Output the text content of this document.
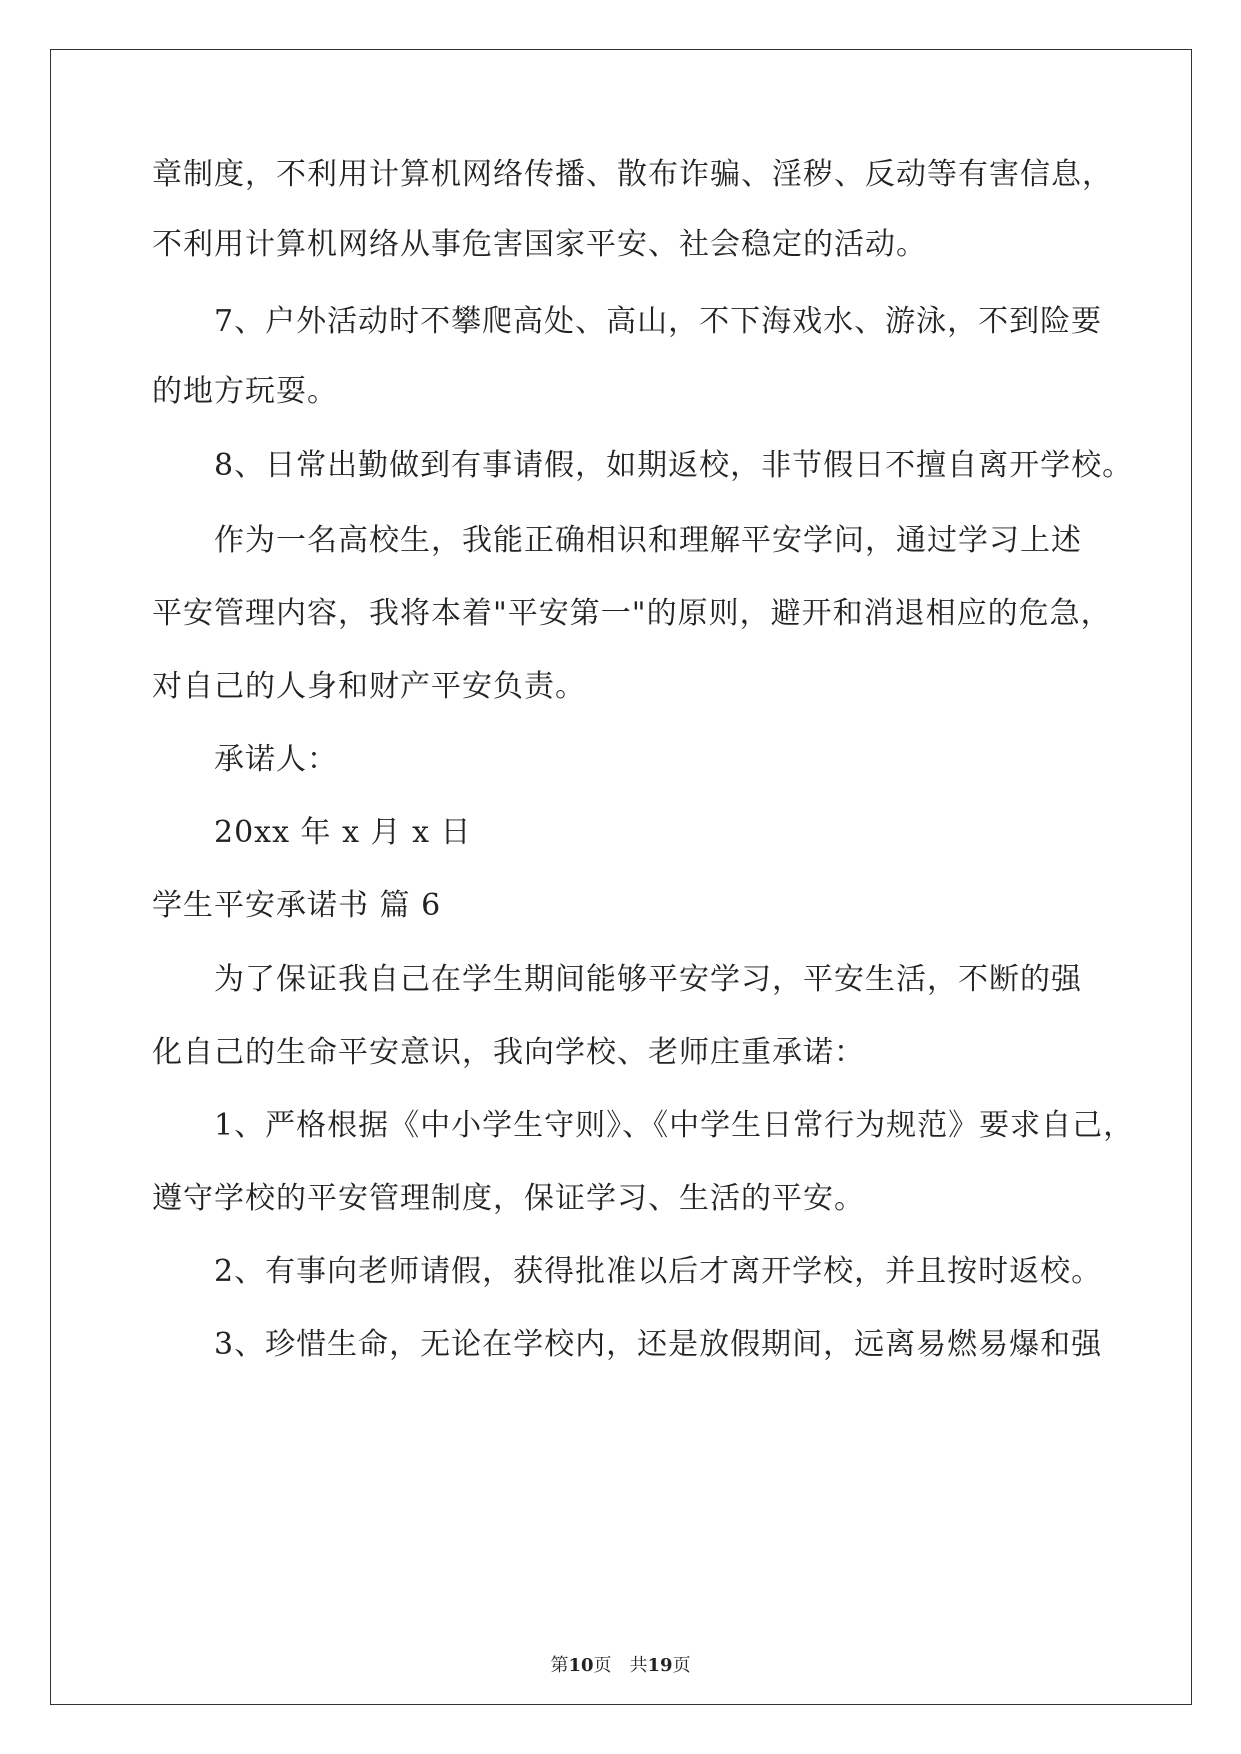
章制度，不利用计算机网络传播、散布诈骗、淫秽、反动等有害信息，
不利用计算机网络从事危害国家平安、社会稳定的活动。
7、户外活动时不攀爬高处、高山，不下海戏水、游泳，不到险要
的地方玩耍。
8、日常出勤做到有事请假，如期返校，非节假日不擅自离开学校。
作为一名高校生，我能正确相识和理解平安学问，通过学习上述
平安管理内容，我将本着"平安第一"的原则，避开和消退相应的危急，
对自己的人身和财产平安负责。
承诺人：
20xx 年 x 月 x 日
学生平安承诺书 篇 6
为了保证我自己在学生期间能够平安学习，平安生活，不断的强
化自己的生命平安意识，我向学校、老师庄重承诺：
1、严格根据《中小学生守则》、《中学生日常行为规范》要求自己，
遵守学校的平安管理制度，保证学习、生活的平安。
2、有事向老师请假，获得批准以后才离开学校，并且按时返校。
3、珍惜生命，无论在学校内，还是放假期间，远离易燃易爆和强
第10页 共19页
